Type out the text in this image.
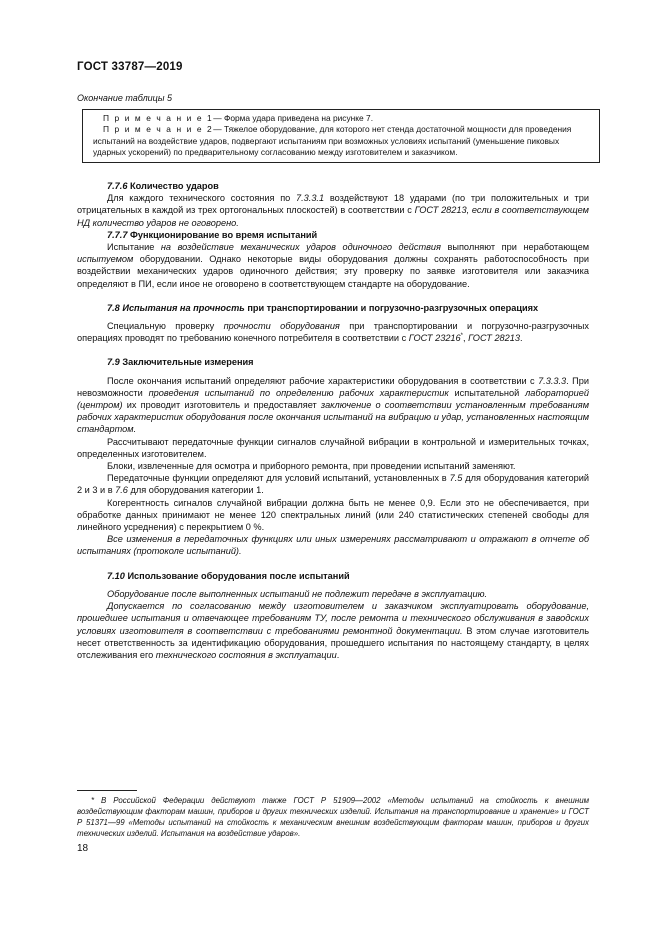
ГОСТ 33787—2019
Окончание таблицы 5

П р и м е ч а н и е 1— Форма удара приведена на рисунке 7.

П р и м е ч а н и е 2— Тяжелое оборудование, для которого нет стенда достаточной мощности для проведения испытаний на воздействие ударов, подвергают испытаниям при возможных условиях испытаний (уменьшение пиковых ударных ускорений) по предварительному согласованию между изготовителем и заказчиком.

7.7.6 Количество ударов

Для каждого технического состояния по 7.3.3.1 воздействуют 18 ударами (по три положительных и три отрицательных в каждой из трех ортогональных плоскостей) в соответствии с ГОСТ 28213, если в соответствующем НД количество ударов не оговорено.

7.7.7 Функционирование во время испытаний

Испытание на воздействие механических ударов одиночного действия выполняют при неработающем испытуемом оборудовании. Однако некоторые виды оборудования должны сохранять работоспособность при воздействии механических ударов одиночного действия; эту проверку по заявке изготовителя или заказчика определяют в ПИ, если иное не оговорено в соответствующем стандарте на оборудование.

7.8 Испытания на прочность при транспортировании и погрузочно-разгрузочных операциях

Специальную проверку прочности оборудования при транспортировании и погрузочно-разгрузочных операциях проводят по требованию конечного потребителя в соответствии с ГОСТ 23216*, ГОСТ 28213.

7.9 Заключительные измерения

После окончания испытаний определяют рабочие характеристики оборудования в соответствии с 7.3.3.3. При невозможности проведения испытаний по определению рабочих характеристик испытательной лабораторией (центром) их проводит изготовитель и предоставляет заключение о соответствии установленным требованиям рабочих характеристик оборудования после окончания испытаний на вибрацию и удар, установленных настоящим стандартом.

Рассчитывают передаточные функции сигналов случайной вибрации в контрольной и измерительных точках, определенных изготовителем.

Блоки, извлеченные для осмотра и приборного ремонта, при проведении испытаний заменяют.

Передаточные функции определяют для условий испытаний, установленных в 7.5 для оборудования категорий 2 и 3 и в 7.6 для оборудования категории 1.

Когерентность сигналов случайной вибрации должна быть не менее 0,9. Если это не обеспечивается, при обработке данных принимают не менее 120 спектральных линий (или 240 статистических степеней свободы для линейного усреднения) с перекрытием 0 %.

Все изменения в передаточных функциях или иных измерениях рассматривают и отражают в отчете об испытаниях (протоколе испытаний).

7.10 Использование оборудования после испытаний

Оборудование после выполненных испытаний не подлежит передаче в эксплуатацию.

Допускается по согласованию между изготовителем и заказчиком эксплуатировать оборудование, прошедшее испытания и отвечающее требованиям ТУ, после ремонта и технического обслуживания в заводских условиях изготовителя в соответствии с требованиями ремонтной документации. В этом случае изготовитель несет ответственность за идентификацию оборудования, прошедшего испытания по настоящему стандарту, в целях отслеживания его технического состояния в эксплуатации.

* В Российской Федерации действуют также ГОСТ Р 51909—2002 «Методы испытаний на стойкость к внешним воздействующим факторам машин, приборов и других технических изделий. Испытания на транспортирование и хранение» и ГОСТ Р 51371—99 «Методы испытаний на стойкость к механическим внешним воздействующим факторам машин, приборов и других технических изделий. Испытания на воздействие ударов».

18
